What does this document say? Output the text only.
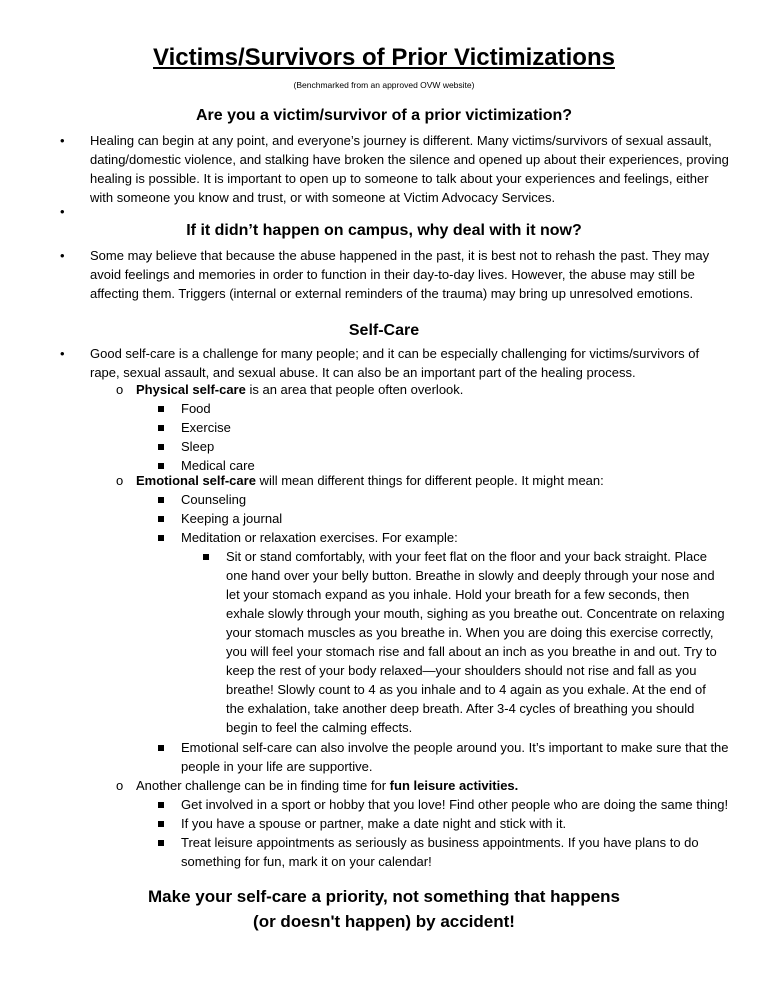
Victims/Survivors of Prior Victimizations
(Benchmarked from an approved OVW website)
Are you a victim/survivor of a prior victimization?
• Healing can begin at any point, and everyone’s journey is different. Many victims/survivors of sexual assault, dating/domestic violence, and stalking have broken the silence and opened up about their experiences, proving healing is possible. It is important to open up to someone to talk about your experiences and feelings, either with someone you know and trust, or with someone at Victim Advocacy Services.
•
If it didn’t happen on campus, why deal with it now?
• Some may believe that because the abuse happened in the past, it is best not to rehash the past. They may avoid feelings and memories in order to function in their day-to-day lives. However, the abuse may still be affecting them. Triggers (internal or external reminders of the trauma) may bring up unresolved emotions.
Self-Care
• Good self-care is a challenge for many people; and it can be especially challenging for victims/survivors of rape, sexual assault, and sexual abuse. It can also be an important part of the healing process.
o Physical self-care is an area that people often overlook.
Food
Exercise
Sleep
Medical care
o Emotional self-care will mean different things for different people. It might mean:
Counseling
Keeping a journal
Meditation or relaxation exercises. For example:
Sit or stand comfortably, with your feet flat on the floor and your back straight. Place one hand over your belly button. Breathe in slowly and deeply through your nose and let your stomach expand as you inhale. Hold your breath for a few seconds, then exhale slowly through your mouth, sighing as you breathe out. Concentrate on relaxing your stomach muscles as you breathe in. When you are doing this exercise correctly, you will feel your stomach rise and fall about an inch as you breathe in and out. Try to keep the rest of your body relaxed—your shoulders should not rise and fall as you breathe! Slowly count to 4 as you inhale and to 4 again as you exhale. At the end of the exhalation, take another deep breath. After 3-4 cycles of breathing you should begin to feel the calming effects.
Emotional self-care can also involve the people around you. It’s important to make sure that the people in your life are supportive.
o Another challenge can be in finding time for fun leisure activities.
Get involved in a sport or hobby that you love! Find other people who are doing the same thing!
If you have a spouse or partner, make a date night and stick with it.
Treat leisure appointments as seriously as business appointments. If you have plans to do something for fun, mark it on your calendar!
Make your self-care a priority, not something that happens
(or doesn't happen) by accident!
